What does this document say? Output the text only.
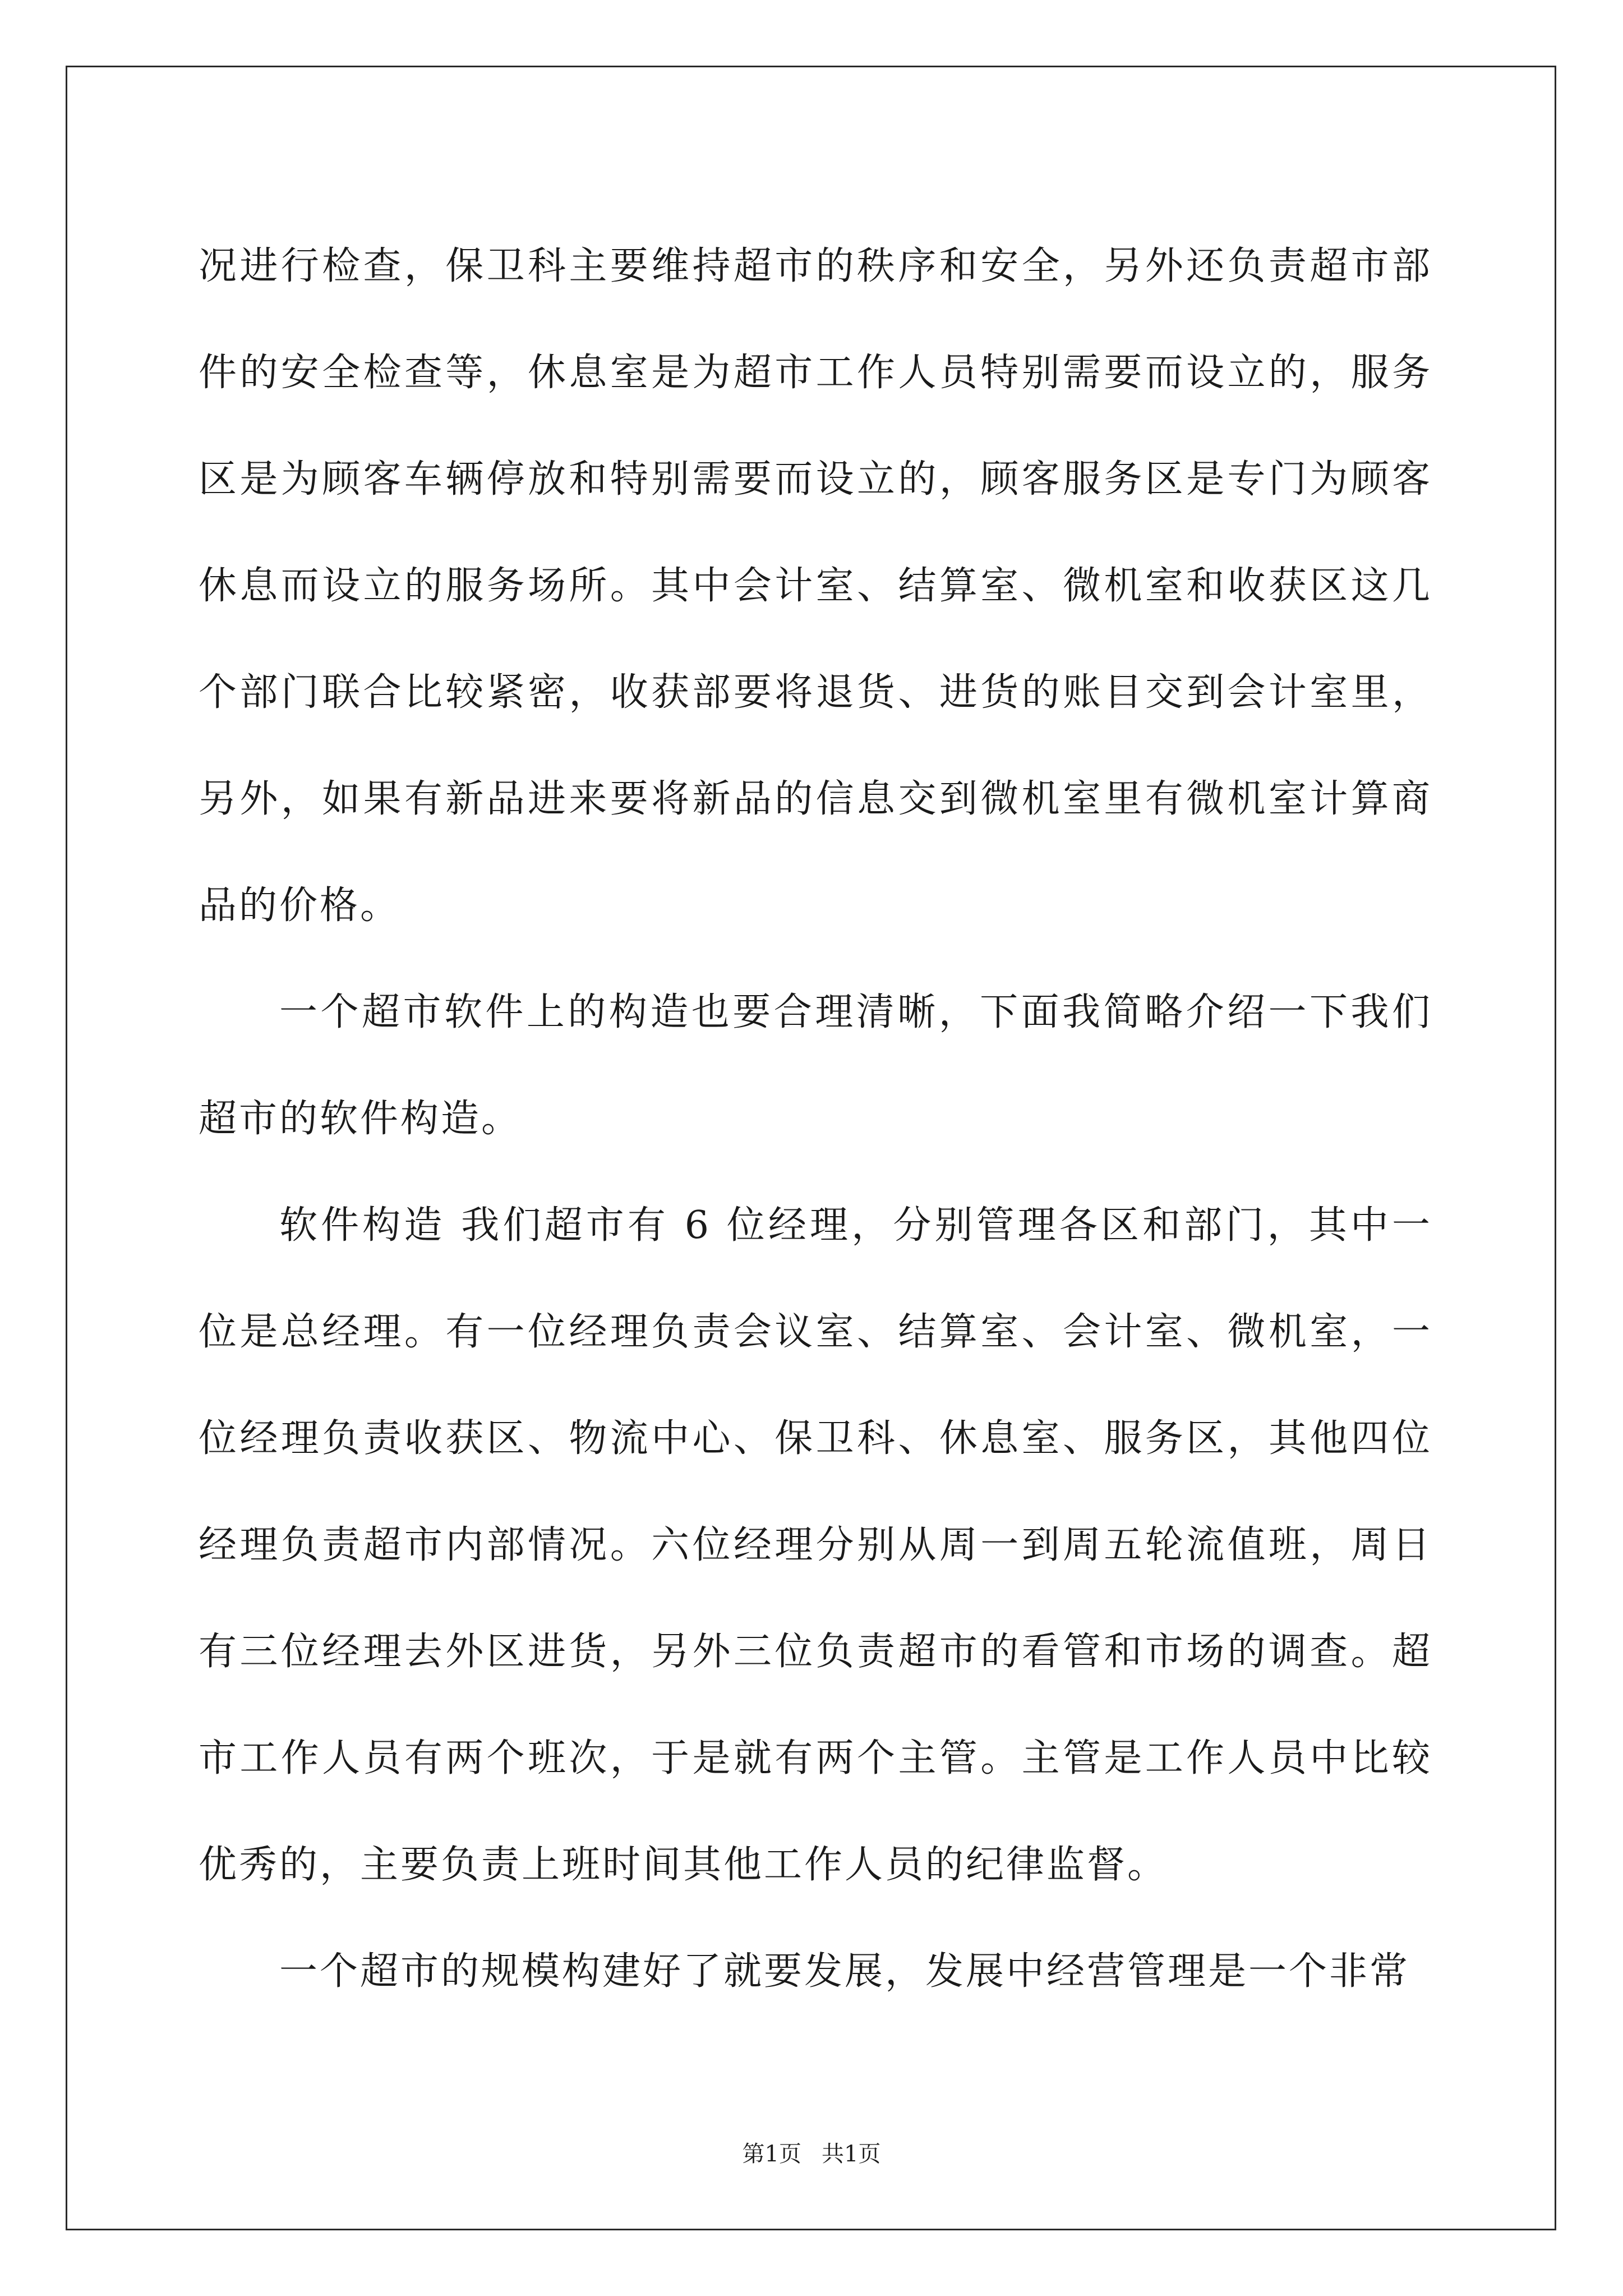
况进行检查，保卫科主要维持超市的秩序和安全，另外还负责超市部件的安全检查等，休息室是为超市工作人员特别需要而设立的，服务区是为顾客车辆停放和特别需要而设立的，顾客服务区是专门为顾客休息而设立的服务场所。其中会计室、结算室、微机室和收获区这几个部门联合比较紧密，收获部要将退货、进货的账目交到会计室里，另外，如果有新品进来要将新品的信息交到微机室里有微机室计算商品的价格。

一个超市软件上的构造也要合理清晰，下面我简略介绍一下我们超市的软件构造。

软件构造 我们超市有 6 位经理，分别管理各区和部门，其中一位是总经理。有一位经理负责会议室、结算室、会计室、微机室，一位经理负责收获区、物流中心、保卫科、休息室、服务区，其他四位经理负责超市内部情况。六位经理分别从周一到周五轮流值班，周日有三位经理去外区进货，另外三位负责超市的看管和市场的调查。超市工作人员有两个班次，于是就有两个主管。主管是工作人员中比较优秀的，主要负责上班时间其他工作人员的纪律监督。

一个超市的规模构建好了就要发展，发展中经营管理是一个非常

第1页 共1页
